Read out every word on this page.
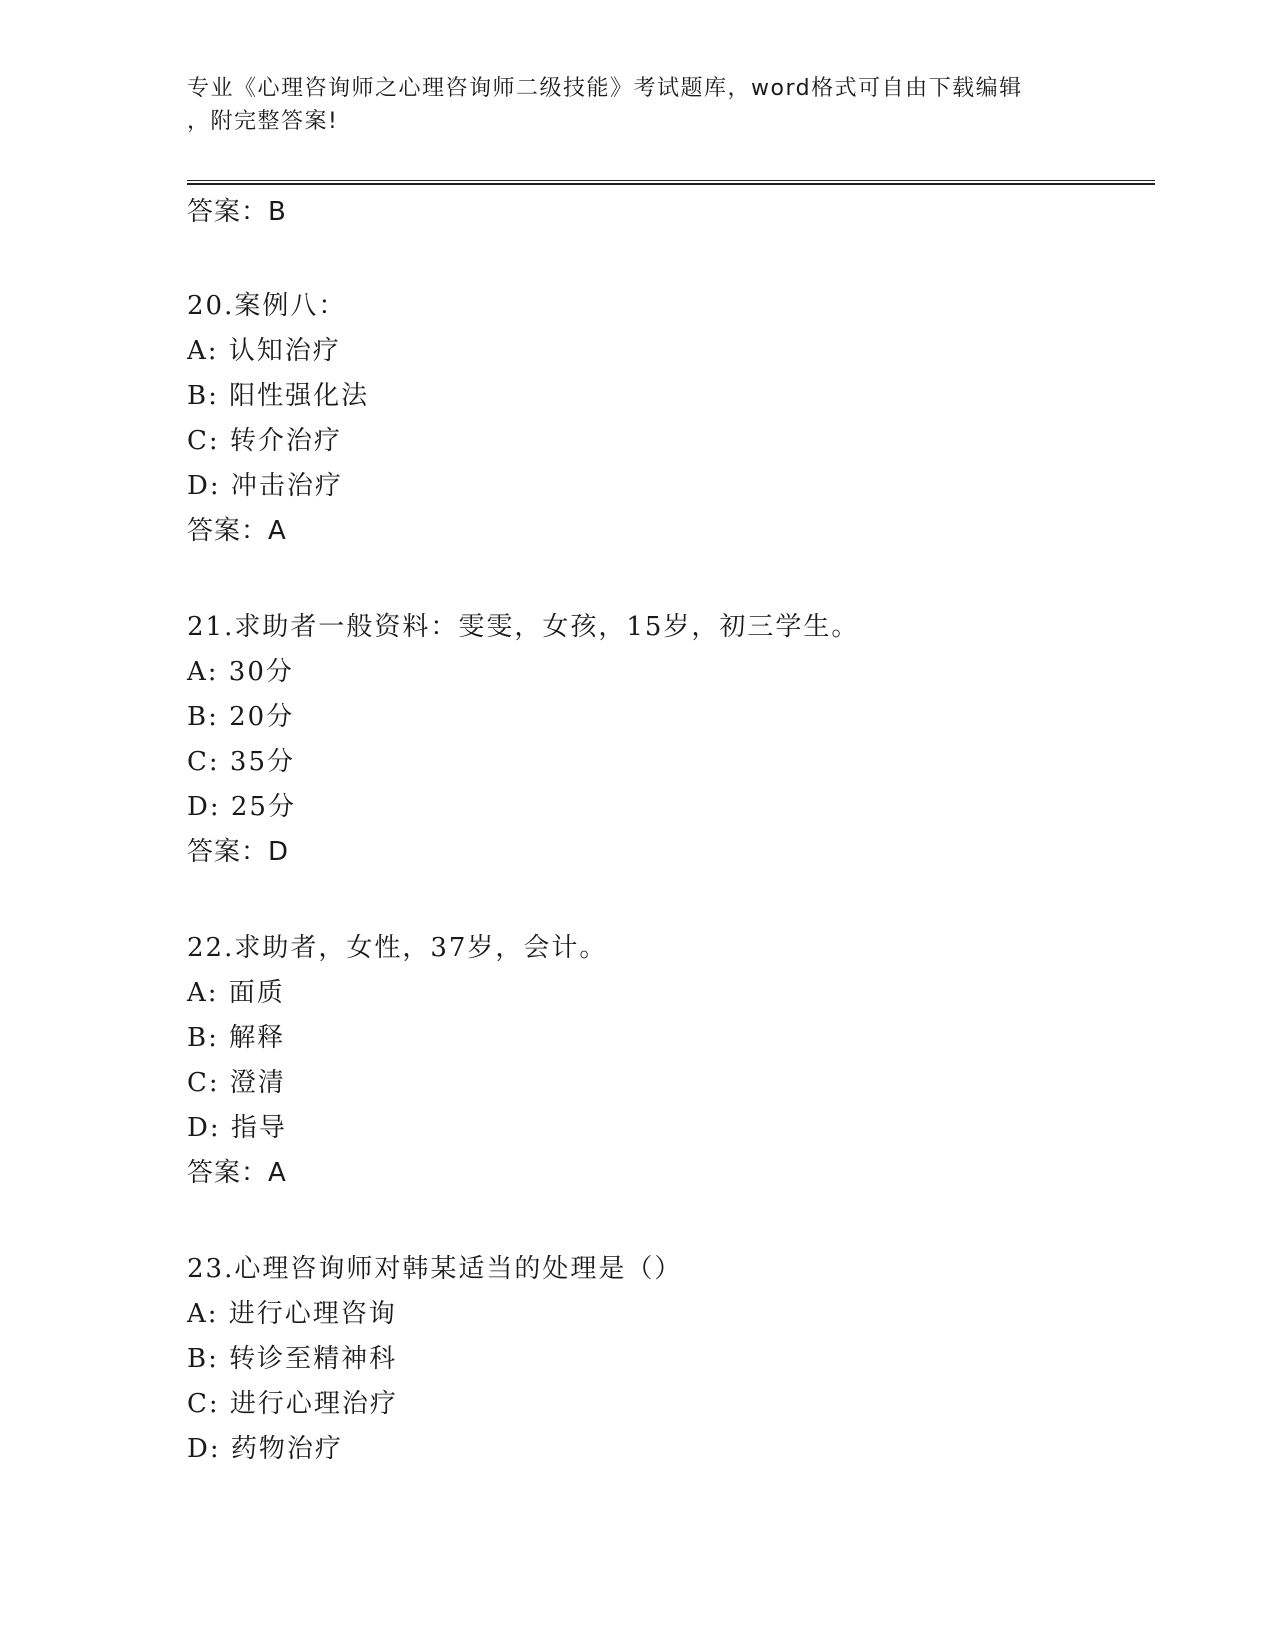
专业《心理咨询师之心理咨询师二级技能》考试题库，word格式可自由下载编辑
，附完整答案!

答案：B

20.案例八：

A: 认知治疗

B: 阳性强化法

C: 转介治疗

D: 冲击治疗

答案：A

21.求助者一般资料：雯雯，女孩，15岁，初三学生。

A: 30分

B: 20分

C: 35分

D: 25分

答案：D

22.求助者，女性，37岁，会计。

A: 面质

B: 解释

C: 澄清

D: 指导

答案：A

23.心理咨询师对韩某适当的处理是（）

A: 进行心理咨询

B: 转诊至精神科

C: 进行心理治疗

D: 药物治疗
